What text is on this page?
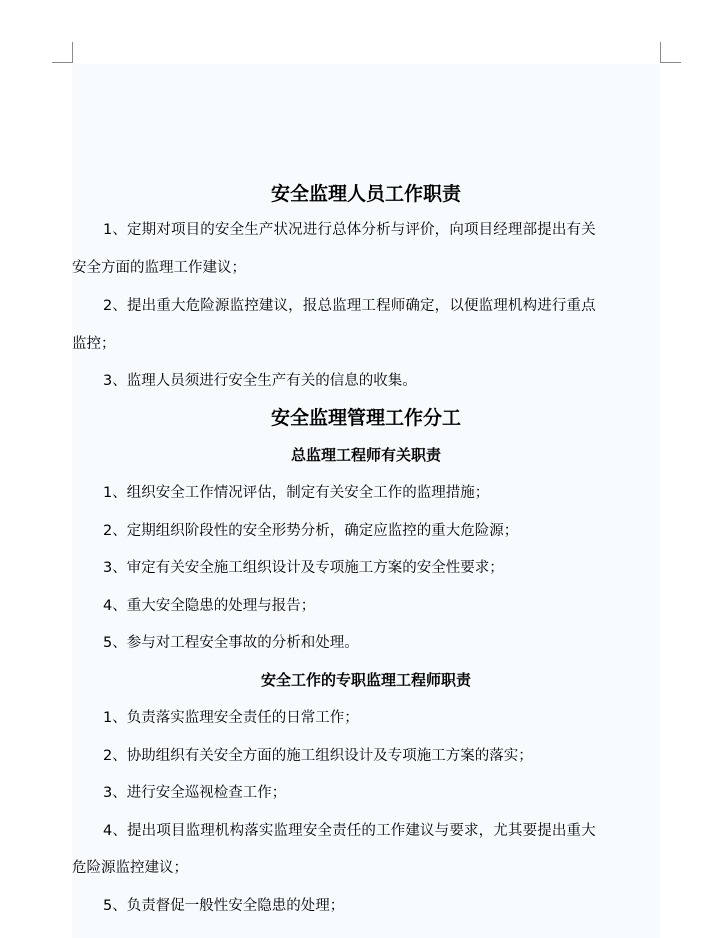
安全监理人员工作职责
1、定期对项目的安全生产状况进行总体分析与评价，向项目经理部提出有关
安全方面的监理工作建议；
2、提出重大危险源监控建议，报总监理工程师确定，以便监理机构进行重点
监控；
3、监理人员须进行安全生产有关的信息的收集。
安全监理管理工作分工
总监理工程师有关职责
1、组织安全工作情况评估，制定有关安全工作的监理措施；
2、定期组织阶段性的安全形势分析，确定应监控的重大危险源；
3、审定有关安全施工组织设计及专项施工方案的安全性要求；
4、重大安全隐患的处理与报告；
5、参与对工程安全事故的分析和处理。
安全工作的专职监理工程师职责
1、负责落实监理安全责任的日常工作；
2、协助组织有关安全方面的施工组织设计及专项施工方案的落实；
3、进行安全巡视检查工作；
4、提出项目监理机构落实监理安全责任的工作建议与要求，尤其要提出重大
危险源监控建议；
5、负责督促一般性安全隐患的处理；
